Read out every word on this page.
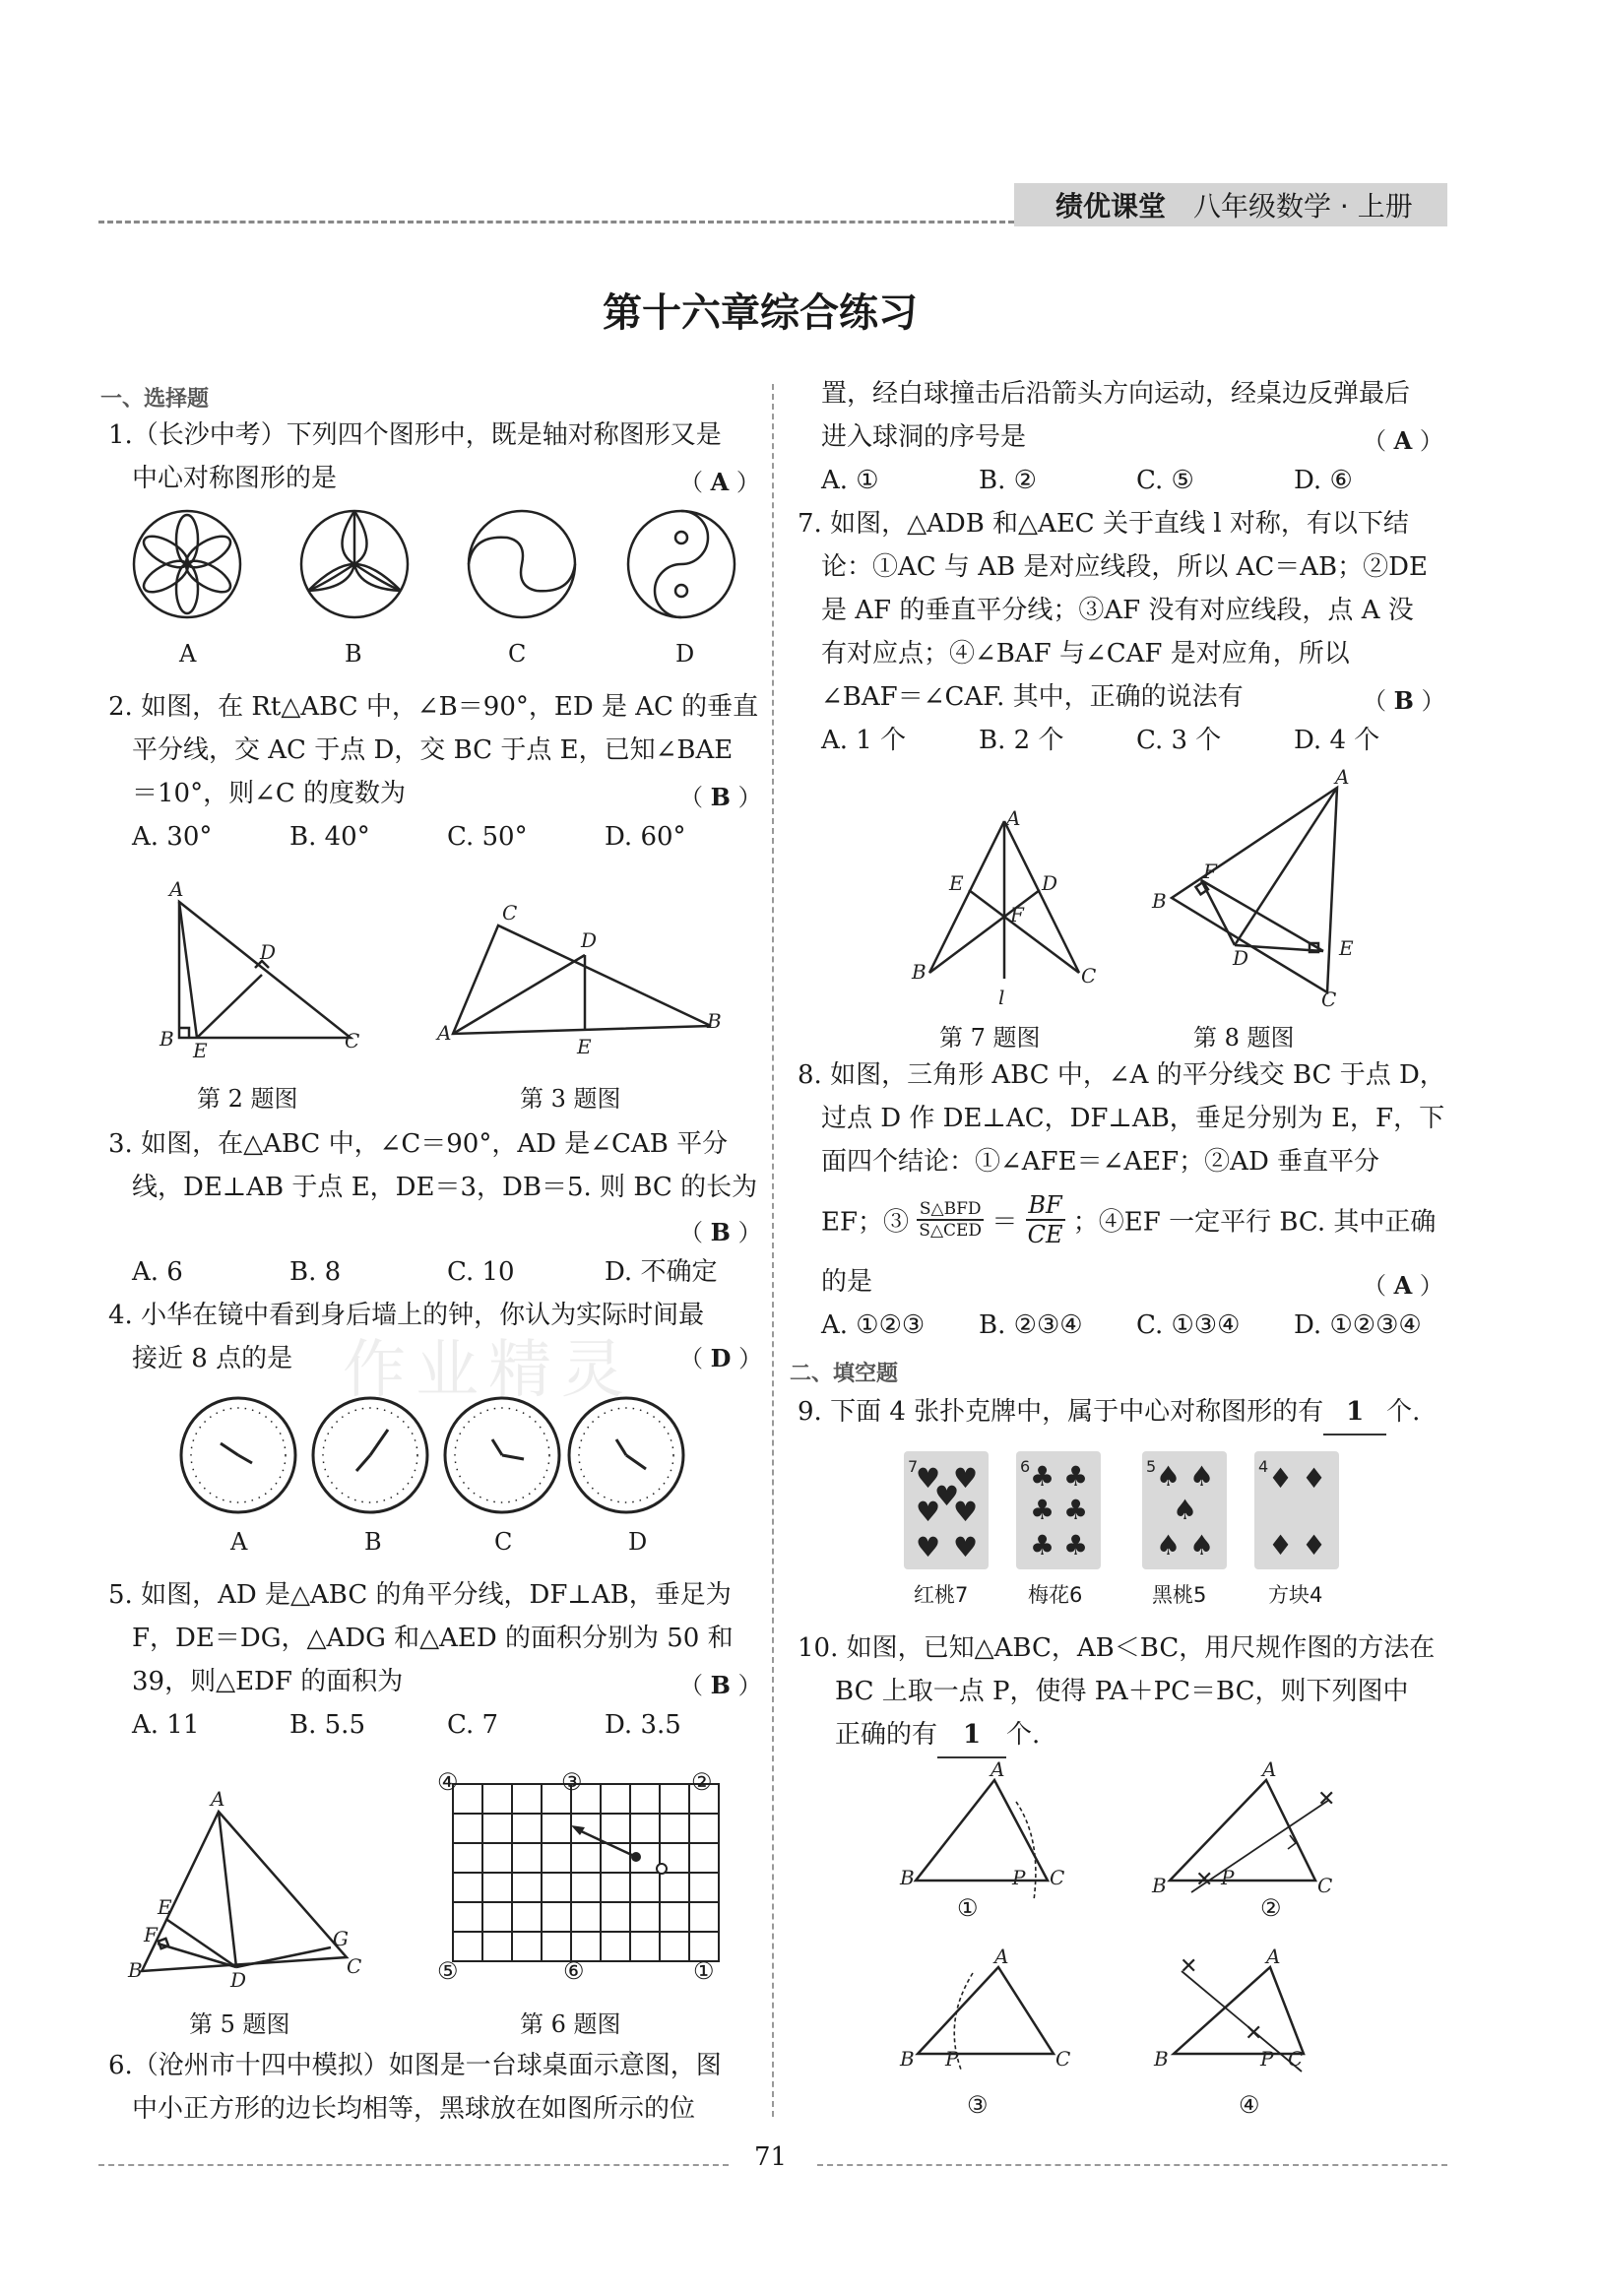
绩优课堂 八年级数学 · 上册
第十六章综合练习
一、选择题
1.（长沙中考）下列四个图形中，既是轴对称图形又是
中心对称图形的是	（ A ）
A	B	C	D
2. 如图，在 Rt△ABC 中，∠B＝90°，ED 是 AC 的垂直
平分线，交 AC 于点 D，交 BC 于点 E，已知∠BAE
＝10°，则∠C 的度数为	（ B ）
A. 30°	B. 40°	C. 50°	D. 60°
A
D
B E	C
第 2 题图
C
D
A
E
B
第 3 题图
3. 如图，在△ABC 中，∠C＝90°，AD 是∠CAB 平分
线，DE⊥AB 于点 E，DE＝3，DB＝5. 则 BC 的长为
（ B ）
A. 6	B. 8	C. 10	D. 不确定
4. 小华在镜中看到身后墙上的钟，你认为实际时间最
接近 8 点的是	（ D ）
A	B	C	D
5. 如图，AD 是△ABC 的角平分线，DF⊥AB，垂足为
F，DE＝DG，△ADG 和△AED 的面积分别为 50 和
39，则△EDF 的面积为	（ B ）
A. 11	B. 5.5	C. 7	D. 3.5
A
E
F
B	D
G
C
第 5 题图
④	③	②
⑤	⑥	①
第 6 题图
6.（沧州市十四中模拟）如图是一台球桌面示意图，图
中小正方形的边长均相等，黑球放在如图所示的位
置，经白球撞击后沿箭头方向运动，经桌边反弹最后
进入球洞的序号是	（ A ）
A. ①	B. ②	C. ⑤	D. ⑥
7. 如图，△ADB 和△AEC 关于直线 l 对称，有以下结
论：①AC 与 AB 是对应线段，所以 AC＝AB；②DE
是 AF 的垂直平分线；③AF 没有对应线段，点 A 没
有对应点；④∠BAF 与∠CAF 是对应角，所以
∠BAF＝∠CAF. 其中，正确的说法有	（ B ）
A. 1 个	B. 2 个	C. 3 个	D. 4 个
A
E	D
F
B	C
l
第 7 题图
A
F
B
D	E
C
第 8 题图
8. 如图，三角形 ABC 中，∠A 的平分线交 BC 于点 D，
过点 D 作 DE⊥AC，DF⊥AB，垂足分别为 E，F，下
面四个结论：①∠AFE＝∠AEF；②AD 垂直平分
EF；③ S△BFD
S△CED ＝ $\frac{BF}{CE}$ ；④EF 一定平行 BC. 其中正确
的是	（ A ）
A. ①②③ B. ②③④ C. ①③④ D. ①②③④
二、填空题
9. 下面 4 张扑克牌中，属于中心对称图形的有 1 个.
7
♥ ♥
♥
♥ ♥
♥ ♥
6 ♣ ♣
♣ ♣
♣ ♣
5 ♠ ♠
♠
♠ ♠
4 ♦ ♦
♦ ♦
红桃7	梅花6	黑桃5	方块4
10. 如图，已知△ABC，AB＜BC，用尺规作图的方法在
BC 上取一点 P，使得 PA＋PC＝BC，则下列图中
正确的有 1 个.
✕
✕
✕
✕
A
B	P C
A
B	P	C
A
B P	C
A
B	P C
①	②
③	④
71
作业精灵
